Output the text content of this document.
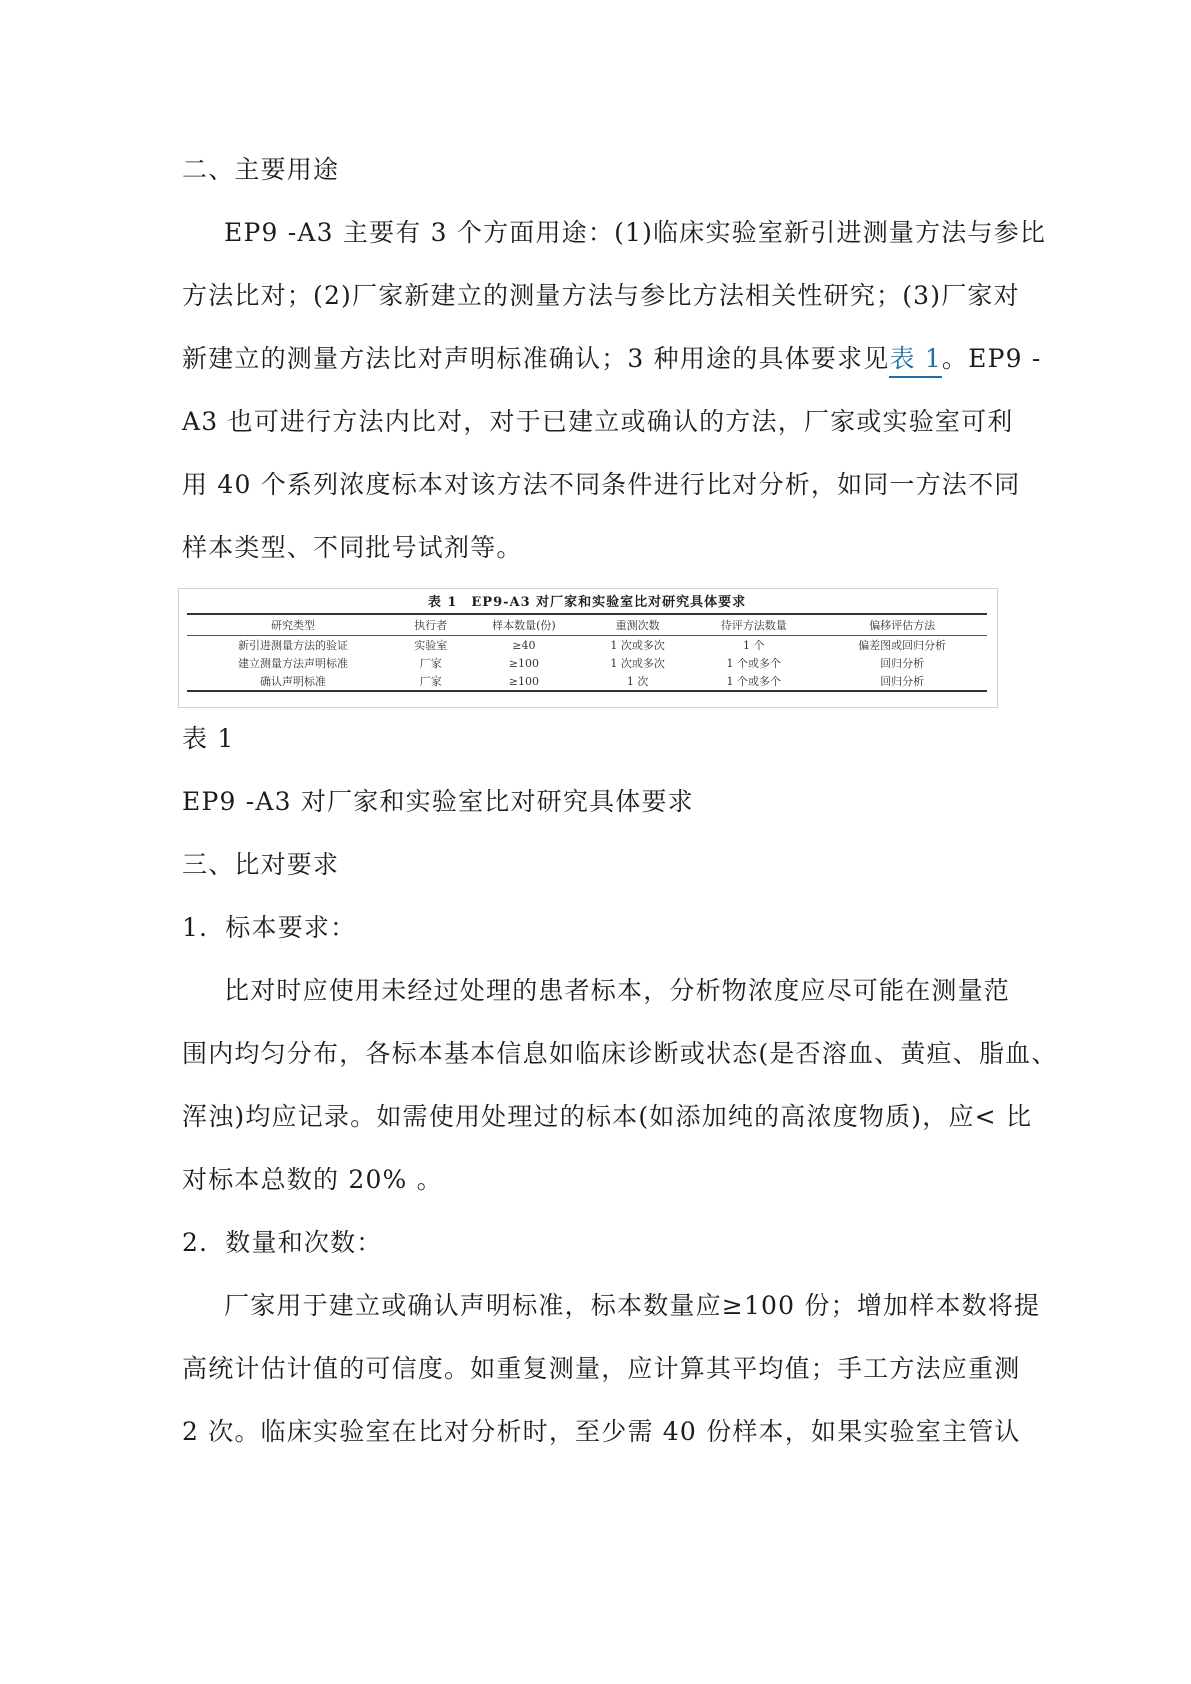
二、主要用途
EP9 -A3 主要有 3 个方面用途：(1)临床实验室新引进测量方法与参比
方法比对；(2)厂家新建立的测量方法与参比方法相关性研究；(3)厂家对
新建立的测量方法比对声明标准确认；3 种用途的具体要求见表 1。EP9 -
A3 也可进行方法内比对，对于已建立或确认的方法，厂家或实验室可利
用 40 个系列浓度标本对该方法不同条件进行比对分析，如同一方法不同
样本类型、不同批号试剂等。
表 1　EP9-A3 对厂家和实验室比对研究具体要求
研究类型	执行者	样本数量(份)	重测次数	待评方法数量	偏移评估方法

新引进测量方法的验证	实验室	≥40	1 次或多次	1 个	偏差图或回归分析
建立测量方法声明标准	厂家	≥100	1 次或多次	1 个或多个	回归分析
确认声明标准	厂家	≥100	1 次	1 个或多个	回归分析

表 1
EP9 -A3 对厂家和实验室比对研究具体要求
三、比对要求
1．标本要求：
比对时应使用未经过处理的患者标本，分析物浓度应尽可能在测量范
围内均匀分布，各标本基本信息如临床诊断或状态(是否溶血、黄疸、脂血、
浑浊)均应记录。如需使用处理过的标本(如添加纯的高浓度物质)，应< 比
对标本总数的 20% 。
2．数量和次数：
厂家用于建立或确认声明标准，标本数量应≥100 份；增加样本数将提
高统计估计值的可信度。如重复测量，应计算其平均值；手工方法应重测
2 次。临床实验室在比对分析时，至少需 40 份样本，如果实验室主管认
